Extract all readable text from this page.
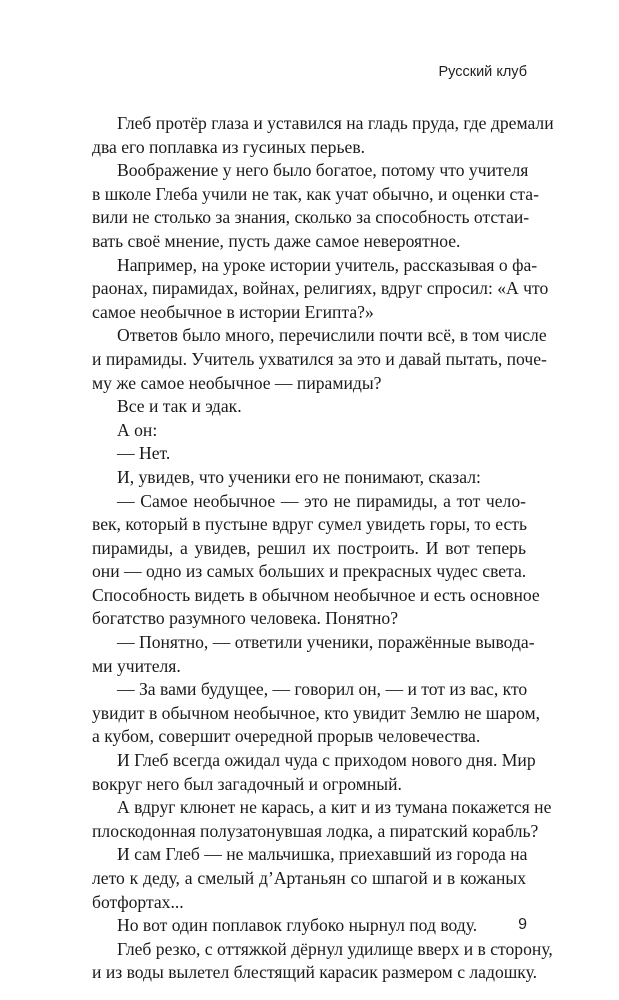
Русский клуб

Глеб протёр глаза и уставился на гладь пруда, где дремали
два его поплавка из гусиных перьев.

Воображение у него было богатое, потому что учителя
в школе Глеба учили не так, как учат обычно, и оценки ста-
вили не столько за знания, сколько за способность отстаи-
вать своё мнение, пусть даже самое невероятное.

Например, на уроке истории учитель, рассказывая о фа-
раонах, пирамидах, войнах, религиях, вдруг спросил: «А что
самое необычное в истории Египта?»

Ответов было много, перечислили почти всё, в том числе
и пирамиды. Учитель ухватился за это и давай пытать, поче-
му же самое необычное — пирамиды?

Все и так и эдак.

А он:

— Нет.

И, увидев, что ученики его не понимают, сказал:

— Самое необычное — это не пирамиды, а тот чело-
век, который в пустыне вдруг сумел увидеть горы, то есть
пирамиды, а увидев, решил их построить. И вот теперь
они — одно из самых больших и прекрасных чудес света.
Способность видеть в обычном необычное и есть основное
богатство разумного человека. Понятно?

— Понятно, — ответили ученики, поражённые вывода-
ми учителя.

— За вами будущее, — говорил он, — и тот из вас, кто
увидит в обычном необычное, кто увидит Землю не шаром,
а кубом, совершит очередной прорыв человечества.

И Глеб всегда ожидал чуда с приходом нового дня. Мир
вокруг него был загадочный и огромный.

А вдруг клюнет не карась, а кит и из тумана покажется не
плоскодонная полузатонувшая лодка, а пиратский корабль?

И сам Глеб — не мальчишка, приехавший из города на
лето к деду, а смелый д’Артаньян со шпагой и в кожаных
ботфортах...

Но вот один поплавок глубоко нырнул под воду.

Глеб резко, с оттяжкой дёрнул удилище вверх и в сторону,
и из воды вылетел блестящий карасик размером с ладошку.

9
